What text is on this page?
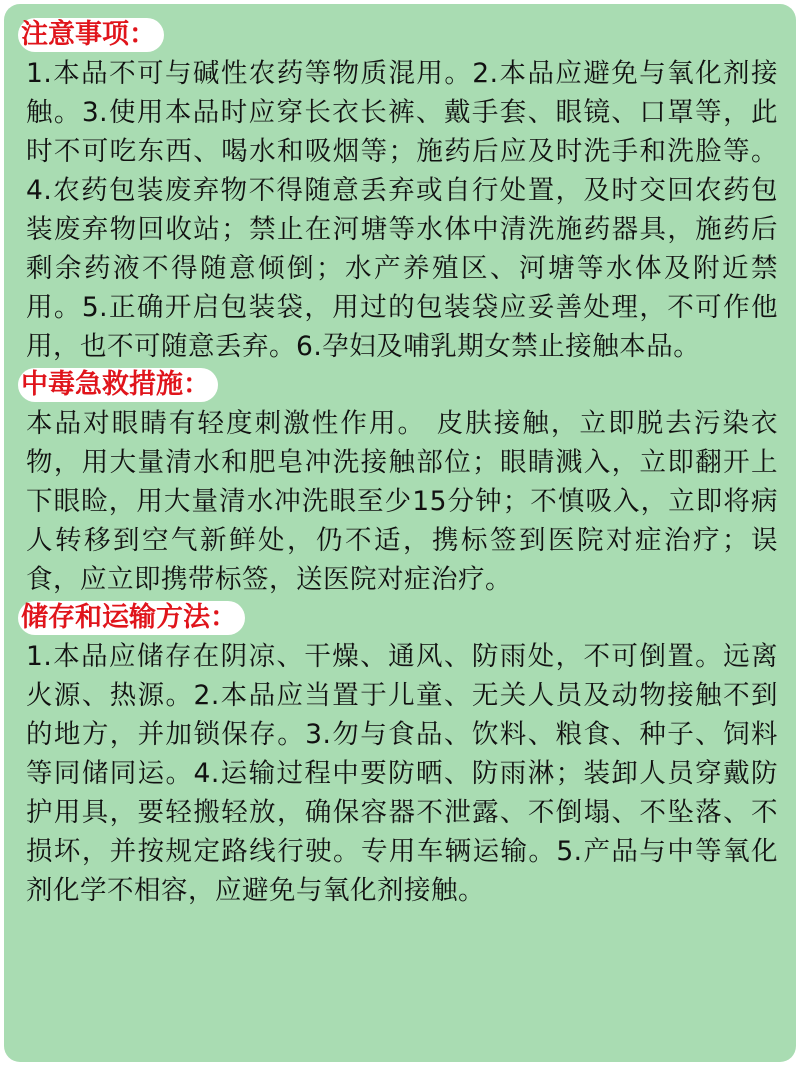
注意事项：

1.本品不可与碱性农药等物质混用。2.本品应避免与氧化剂接触。3.使用本品时应穿长衣长裤、戴手套、眼镜、口罩等，此时不可吃东西、喝水和吸烟等；施药后应及时洗手和洗脸等。4.农药包装废弃物不得随意丢弃或自行处置，及时交回农药包装废弃物回收站；禁止在河塘等水体中清洗施药器具，施药后剩余药液不得随意倾倒；水产养殖区、河塘等水体及附近禁用。5.正确开启包装袋，用过的包装袋应妥善处理，不可作他用，也不可随意丢弃。6.孕妇及哺乳期女禁止接触本品。

中毒急救措施：

本品对眼睛有轻度刺激性作用。 皮肤接触，立即脱去污染衣物，用大量清水和肥皂冲洗接触部位；眼睛溅入，立即翻开上下眼睑，用大量清水冲洗眼至少15分钟；不慎吸入，立即将病人转移到空气新鲜处，仍不适，携标签到医院对症治疗；误食，应立即携带标签，送医院对症治疗。

储存和运输方法：

1.本品应储存在阴凉、干燥、通风、防雨处，不可倒置。远离火源、热源。2.本品应当置于儿童、无关人员及动物接触不到的地方，并加锁保存。3.勿与食品、饮料、粮食、种子、饲料等同储同运。4.运输过程中要防晒、防雨淋；装卸人员穿戴防护用具，要轻搬轻放，确保容器不泄露、不倒塌、不坠落、不损坏，并按规定路线行驶。专用车辆运输。5.产品与中等氧化剂化学不相容，应避免与氧化剂接触。
